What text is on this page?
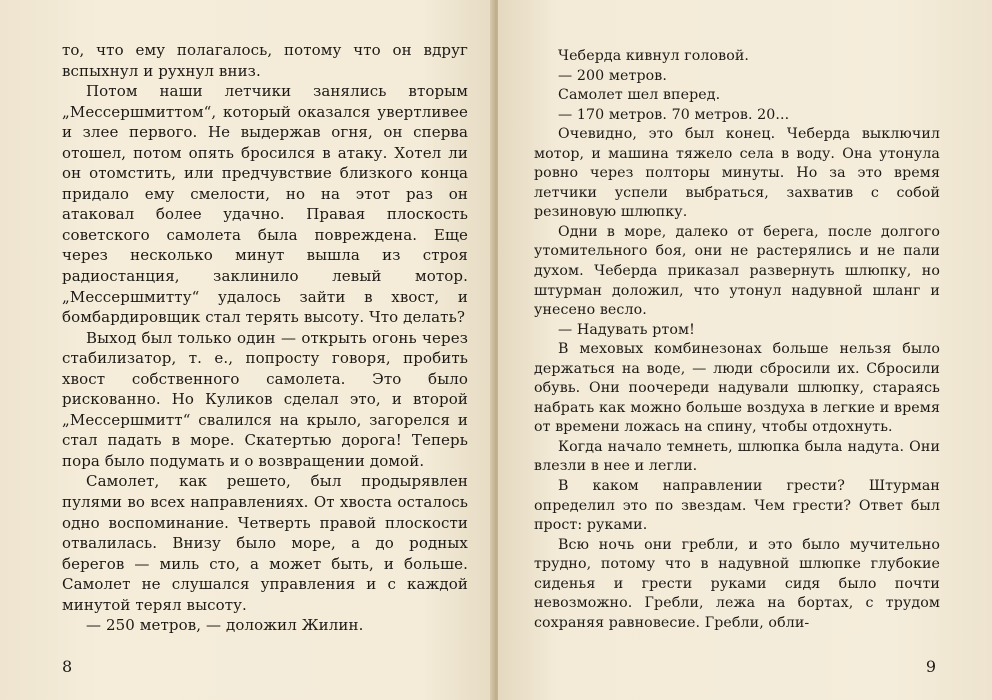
то, что ему полагалось, потому что он вдруг вспыхнул и рухнул вниз.

Потом наши летчики занялись вторым „Мессершмиттом“, который оказался увертливее и злее первого. Не выдержав огня, он сперва отошел, потом опять бросился в атаку. Хотел ли он отомстить, или предчувствие близкого конца придало ему смелости, но на этот раз он атаковал более удачно. Правая плоскость советского самолета была повреждена. Еще через несколько минут вышла из строя радиостанция, заклинило левый мотор. „Мессершмитту“ удалось зайти в хвост, и бомбардировщик стал терять высоту. Что делать?

Выход был только один — открыть огонь через стабилизатор, т. е., попросту говоря, пробить хвост собственного самолета. Это было рискованно. Но Куликов сделал это, и второй „Мессершмитт“ свалился на крыло, загорелся и стал падать в море. Скатертью дорога! Теперь пора было подумать и о возвращении домой.

Самолет, как решето, был продырявлен пулями во всех направлениях. От хвоста осталось одно воспоминание. Четверть правой плоскости отвалилась. Внизу было море, а до родных берегов — миль сто, а может быть, и больше. Самолет не слушался управления и с каждой минутой терял высоту.

— 250 метров, — доложил Жилин.

8

Чеберда кивнул головой.

— 200 метров.

Самолет шел вперед.

— 170 метров. 70 метров. 20...

Очевидно, это был конец. Чеберда выключил мотор, и машина тяжело села в воду. Она утонула ровно через полторы минуты. Но за это время летчики успели выбраться, захватив с собой резиновую шлюпку.

Одни в море, далеко от берега, после долгого утомительного боя, они не растерялись и не пали духом. Чеберда приказал развернуть шлюпку, но штурман доложил, что утонул надувной шланг и унесено весло.

— Надувать ртом!

В меховых комбинезонах больше нельзя было держаться на воде, — люди сбросили их. Сбросили обувь. Они поочереди надували шлюпку, стараясь набрать как можно больше воздуха в легкие и время от времени ложась на спину, чтобы отдохнуть.

Когда начало темнеть, шлюпка была надута. Они влезли в нее и легли.

В каком направлении грести? Штурман определил это по звездам. Чем грести? Ответ был прост: руками.

Всю ночь они гребли, и это было мучительно трудно, потому что в надувной шлюпке глубокие сиденья и грести руками сидя было почти невозможно. Гребли, лежа на бортах, с трудом сохраняя равновесие. Гребли, обли-

9
